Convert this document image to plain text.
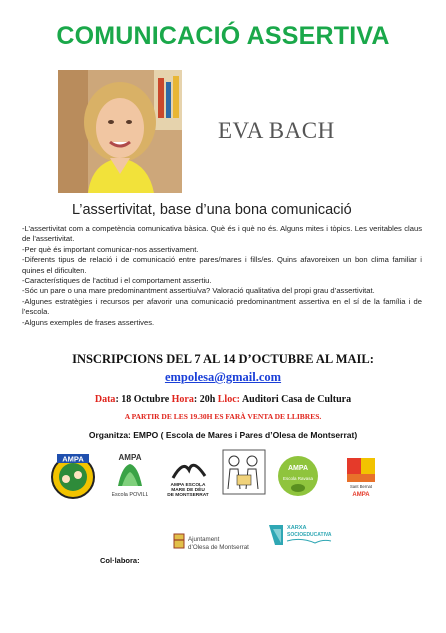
COMUNICACIÓ ASSERTIVA
EVA BACH
L’assertivitat, base d’una bona comunicació

-L’assertivitat com a competència comunicativa bàsica. Què és i què no és. Alguns mites i tòpics. Les veritables claus de l’assertivitat.

-Per què és important comunicar-nos assertivament.

-Diferents tipus de relació i de comunicació entre pares/mares i fills/es. Quins afavoreixen un bon clima familiar i quines el dificulten.

-Característiques de l’actitud i el comportament assertiu.

-Sóc un pare o una mare predominantment assertiu/va? Valoració qualitativa del propi grau d’assertivitat.

-Algunes estratègies i recursos per afavorir una comunicació predominantment assertiva en el sí de la família i de l’escola.

-Alguns exemples de frases assertives.

INSCRIPCIONS DEL 7 AL 14 D’OCTUBRE AL MAIL:
empolesa@gmail.com
Data: 18 Octubre Hora: 20h Lloc: Auditori Casa de Cultura
A PARTIR DE LES 19.30H ES FARÀ VENTA DE LLIBRES.
Organitza: EMPO ( Escola de Mares i Pares d’Olesa de Montserrat)
AMPA	AMPA
Escola POVILL
AMPA ESCOLA
MARE DE DÉU
DE MONTSERRAT
AMPA
Escola Ravasa
Sant Bernat
AMPA
Col·labora:
Ajuntament
d’Olesa de Montserrat
XARXA
SOCIOEDUCATIVA
